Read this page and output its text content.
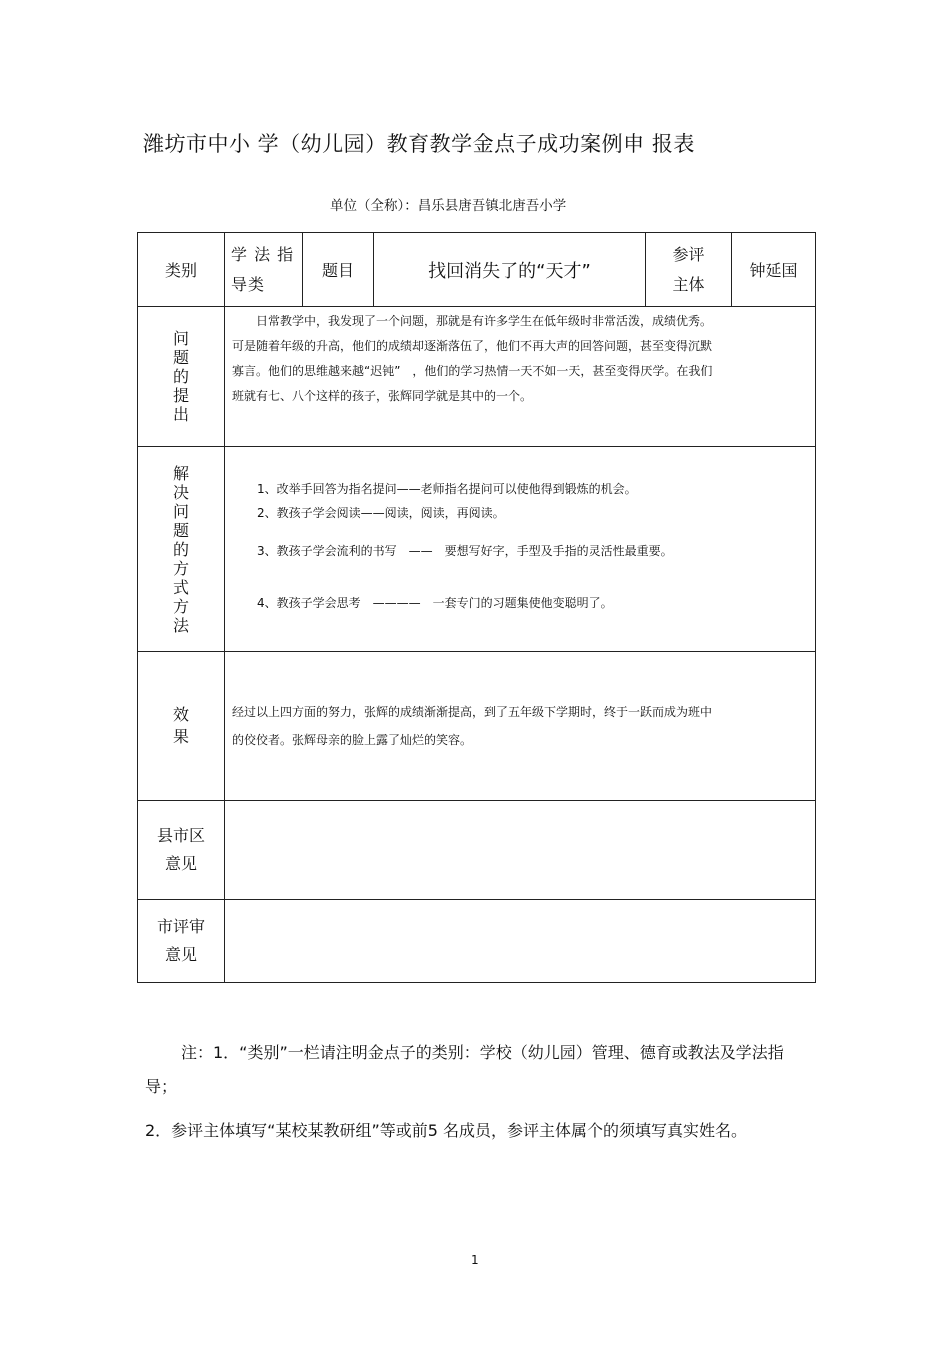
潍坊市中小 学（幼儿园）教育教学金点子成功案例申 报表
单位（全称）：昌乐县唐吾镇北唐吾小学
类别	学 法 指导类	题目	找回消失了的“天才”	参评主体	钟延国

问题的提出	日常教学中，我发现了一个问题，那就是有许多学生在低年级时非常活泼，成绩优秀。
可是随着年级的升高，他们的成绩却逐渐落伍了，他们不再大声的回答问题，甚至变得沉默
寡言。他们的思维越来越“迟钝”　，他们的学习热情一天不如一天，甚至变得厌学。在我们
班就有七、八个这样的孩子，张辉同学就是其中的一个。				

解决问题的方式方法	1、改举手回答为指名提问——老师指名提问可以使他得到锻炼的机会。
2、教孩子学会阅读——阅读，阅读，再阅读。
3、教孩子学会流利的书写　——　要想写好字，手型及手指的灵活性最重要。
4、教孩子学会思考　————　一套专门的习题集使他变聪明了。				

效果	经过以上四方面的努力，张辉的成绩渐渐提高，到了五年级下学期时，终于一跃而成为班中
的佼佼者。张辉母亲的脸上露了灿烂的笑容。				

县市区意见					

市评审意见					

注：1．“类别”一栏请注明金点子的类别：学校（幼儿园）管理、德育或教法及学法指导；
2．参评主体填写“某校某教研组”等或前5 名成员，参评主体属个的须填写真实姓名。
1
